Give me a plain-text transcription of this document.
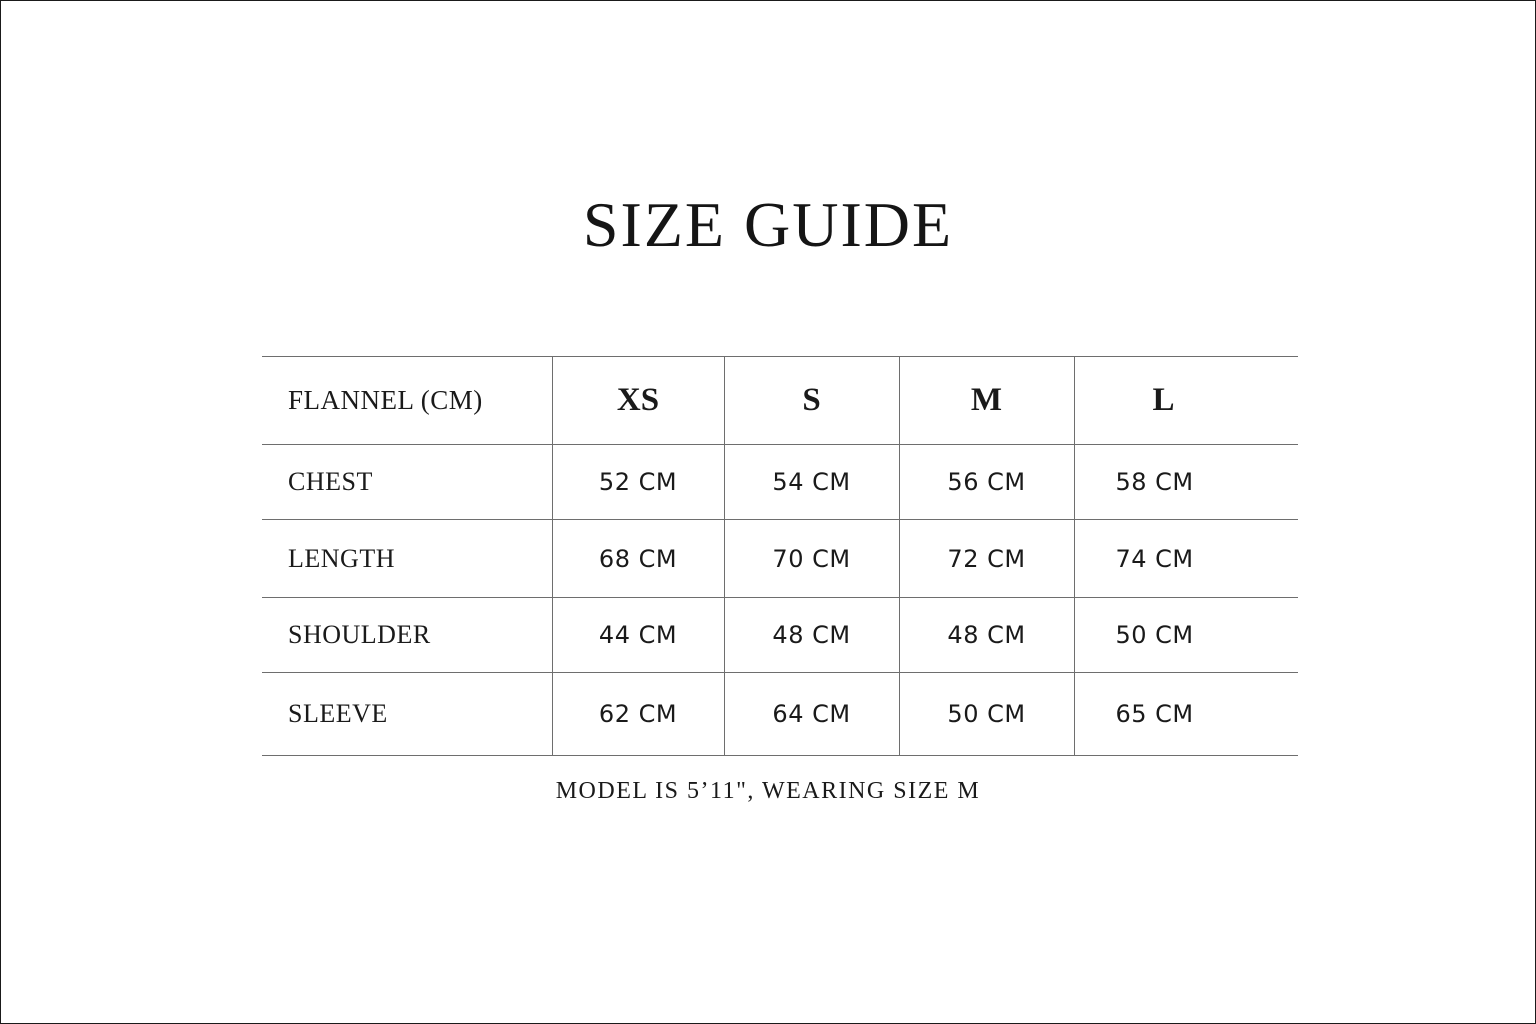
SIZE GUIDE
FLANNEL (CM)	XS	S	M	L
CHEST	52 CM	54 CM	56 CM	58 CM
LENGTH	68 CM	70 CM	72 CM	74 CM
SHOULDER	44 CM	48 CM	48 CM	50 CM
SLEEVE	62 CM	64 CM	50 CM	65 CM
MODEL IS 5’11", WEARING SIZE M
